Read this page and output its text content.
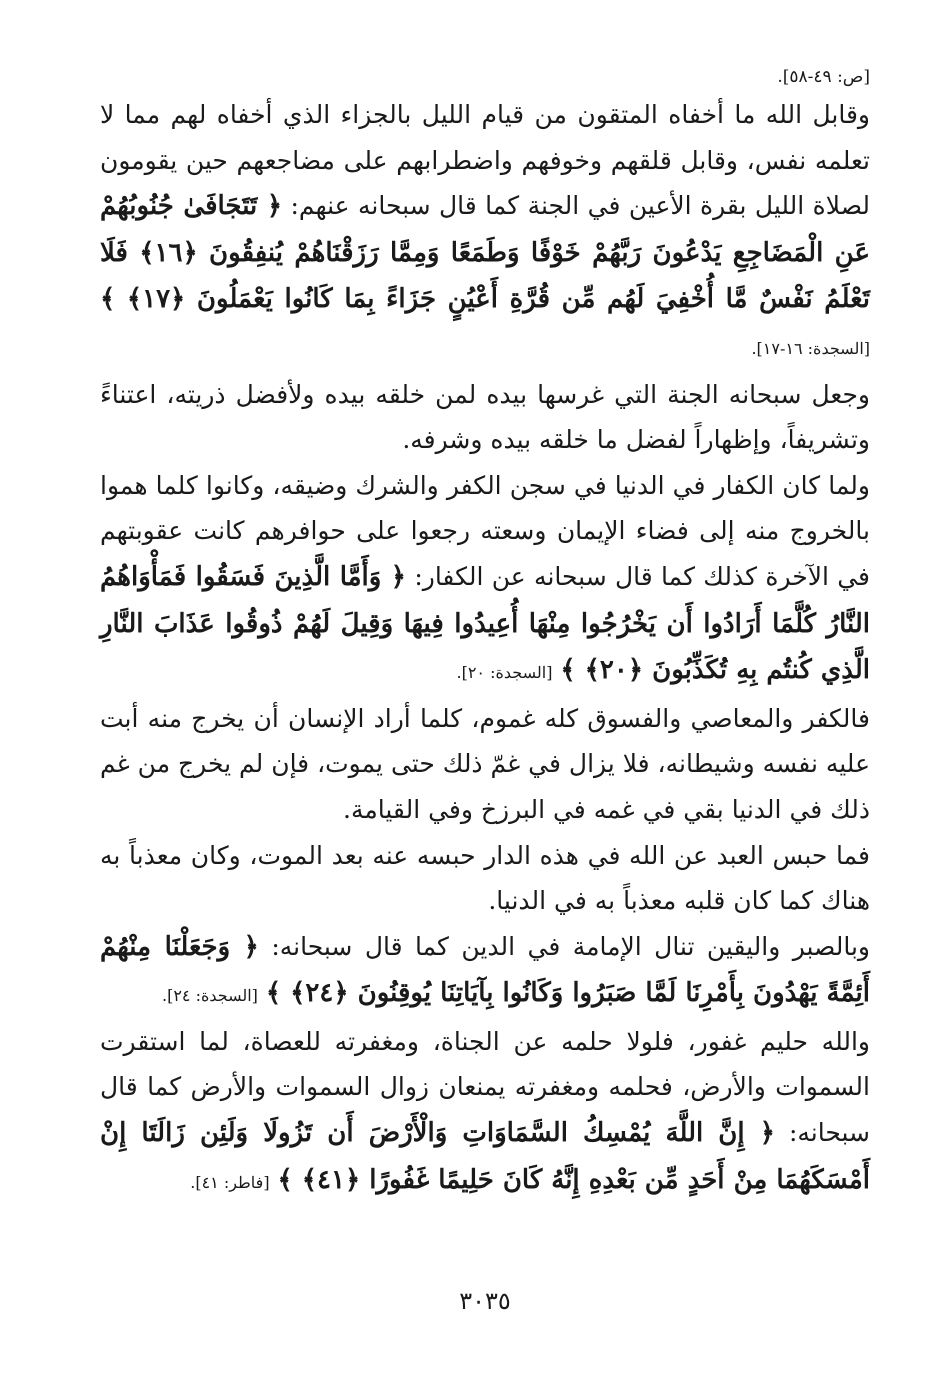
[ص: ٤٩-٥٨].

وقابل الله ما أخفاه المتقون من قيام الليل بالجزاء الذي أخفاه لهم مما لا تعلمه نفس، وقابل قلقهم وخوفهم واضطرابهم على مضاجعهم حين يقومون لصلاة الليل بقرة الأعين في الجنة كما قال سبحانه عنهم: ﴿ تَتَجَافَىٰ جُنُوبُهُمْ عَنِ الْمَضَاجِعِ يَدْعُونَ رَبَّهُمْ خَوْفًا وَطَمَعًا وَمِمَّا رَزَقْنَاهُمْ يُنفِقُونَ ﴿١٦﴾ فَلَا تَعْلَمُ نَفْسٌ مَّا أُخْفِيَ لَهُم مِّن قُرَّةِ أَعْيُنٍ جَزَاءً بِمَا كَانُوا يَعْمَلُونَ ﴿١٧﴾ ﴾ [السجدة: ١٦-١٧].

وجعل سبحانه الجنة التي غرسها بيده لمن خلقه بيده ولأفضل ذريته، اعتناءً وتشريفاً، وإظهاراً لفضل ما خلقه بيده وشرفه.

ولما كان الكفار في الدنيا في سجن الكفر والشرك وضيقه، وكانوا كلما هموا بالخروج منه إلى فضاء الإيمان وسعته رجعوا على حوافرهم كانت عقوبتهم في الآخرة كذلك كما قال سبحانه عن الكفار: ﴿ وَأَمَّا الَّذِينَ فَسَقُوا فَمَأْوَاهُمُ النَّارُ كُلَّمَا أَرَادُوا أَن يَخْرُجُوا مِنْهَا أُعِيدُوا فِيهَا وَقِيلَ لَهُمْ ذُوقُوا عَذَابَ النَّارِ الَّذِي كُنتُم بِهِ تُكَذِّبُونَ ﴿٢٠﴾ ﴾ [السجدة: ٢٠].

فالكفر والمعاصي والفسوق كله غموم، كلما أراد الإنسان أن يخرج منه أبت عليه نفسه وشيطانه، فلا يزال في غمّ ذلك حتى يموت، فإن لم يخرج من غم ذلك في الدنيا بقي في غمه في البرزخ وفي القيامة.

فما حبس العبد عن الله في هذه الدار حبسه عنه بعد الموت، وكان معذباً به هناك كما كان قلبه معذباً به في الدنيا.

وبالصبر واليقين تنال الإمامة في الدين كما قال سبحانه: ﴿ وَجَعَلْنَا مِنْهُمْ أَئِمَّةً يَهْدُونَ بِأَمْرِنَا لَمَّا صَبَرُوا وَكَانُوا بِآيَاتِنَا يُوقِنُونَ ﴿٢٤﴾ ﴾ [السجدة: ٢٤].

والله حليم غفور، فلولا حلمه عن الجناة، ومغفرته للعصاة، لما استقرت السموات والأرض، فحلمه ومغفرته يمنعان زوال السموات والأرض كما قال سبحانه: ﴿ إِنَّ اللَّهَ يُمْسِكُ السَّمَاوَاتِ وَالْأَرْضَ أَن تَزُولَا وَلَئِن زَالَتَا إِنْ أَمْسَكَهُمَا مِنْ أَحَدٍ مِّن بَعْدِهِ إِنَّهُ كَانَ حَلِيمًا غَفُورًا ﴿٤١﴾ ﴾ [فاطر: ٤١].

٣٠٣٥
